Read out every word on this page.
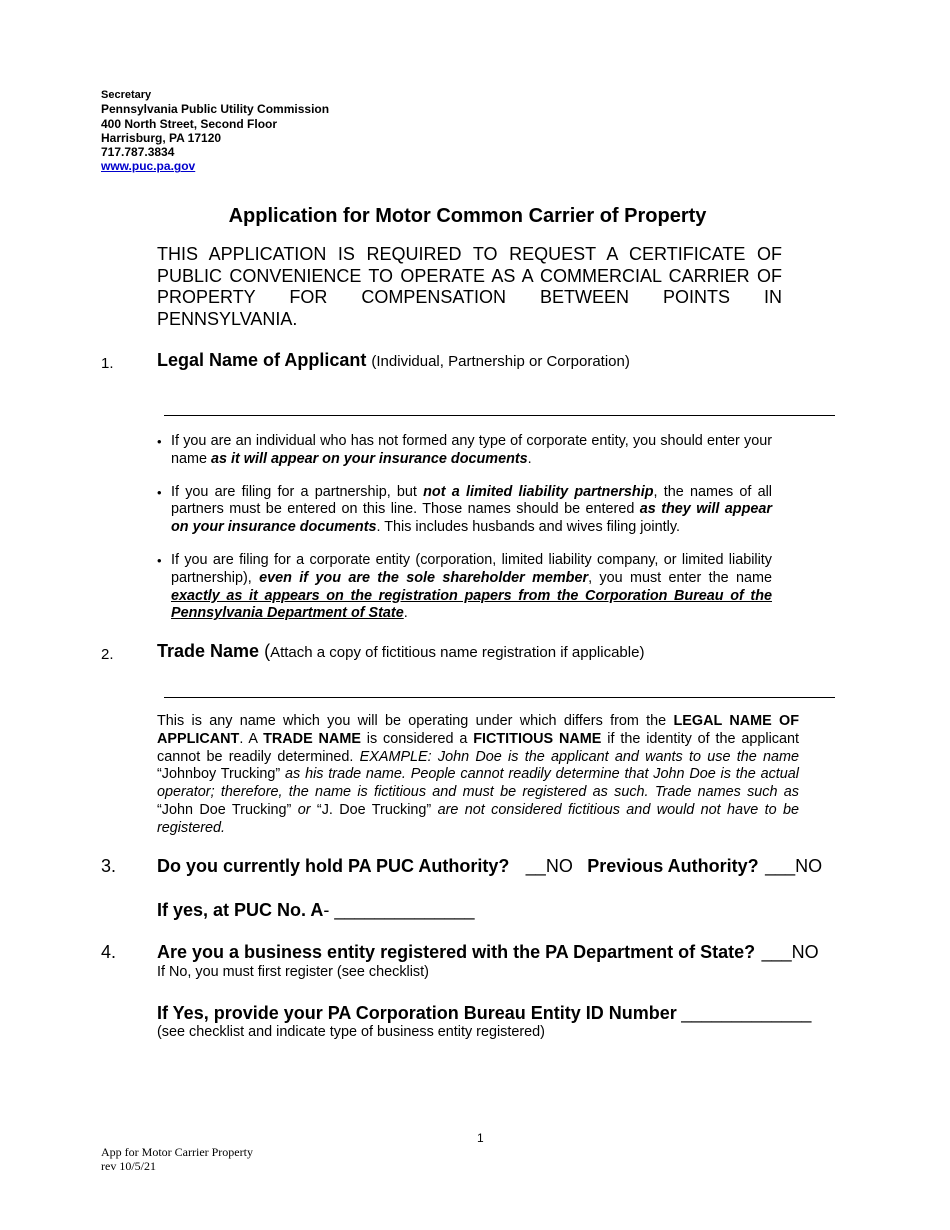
Secretary
Pennsylvania Public Utility Commission
400 North Street, Second Floor
Harrisburg, PA 17120
717.787.3834
www.puc.pa.gov
Application for Motor Common Carrier of Property
THIS APPLICATION IS REQUIRED TO REQUEST A CERTIFICATE OF PUBLIC CONVENIENCE TO OPERATE AS A COMMERCIAL CARRIER OF PROPERTY FOR COMPENSATION BETWEEN POINTS IN PENNSYLVANIA.
1. Legal Name of Applicant (Individual, Partnership or Corporation)
• If you are an individual who has not formed any type of corporate entity, you should enter your name as it will appear on your insurance documents.
• If you are filing for a partnership, but not a limited liability partnership, the names of all partners must be entered on this line. Those names should be entered as they will appear on your insurance documents. This includes husbands and wives filing jointly.
• If you are filing for a corporate entity (corporation, limited liability company, or limited liability partnership), even if you are the sole shareholder member, you must enter the name exactly as it appears on the registration papers from the Corporation Bureau of the Pennsylvania Department of State.
2. Trade Name (Attach a copy of fictitious name registration if applicable)
This is any name which you will be operating under which differs from the LEGAL NAME OF APPLICANT. A TRADE NAME is considered a FICTITIOUS NAME if the identity of the applicant cannot be readily determined. EXAMPLE: John Doe is the applicant and wants to use the name “Johnboy Trucking” as his trade name. People cannot readily determine that John Doe is the actual operator; therefore, the name is fictitious and must be registered as such. Trade names such as “John Doe Trucking” or “J. Doe Trucking” are not considered fictitious and would not have to be registered.
3. Do you currently hold PA PUC Authority? __NO Previous Authority? ___NO
If yes, at PUC No. A- ______________
4. Are you a business entity registered with the PA Department of State? ___NO
If No, you must first register (see checklist)
If Yes, provide your PA Corporation Bureau Entity ID Number _____________
(see checklist and indicate type of business entity registered)
1
App for Motor Carrier Property
rev 10/5/21
